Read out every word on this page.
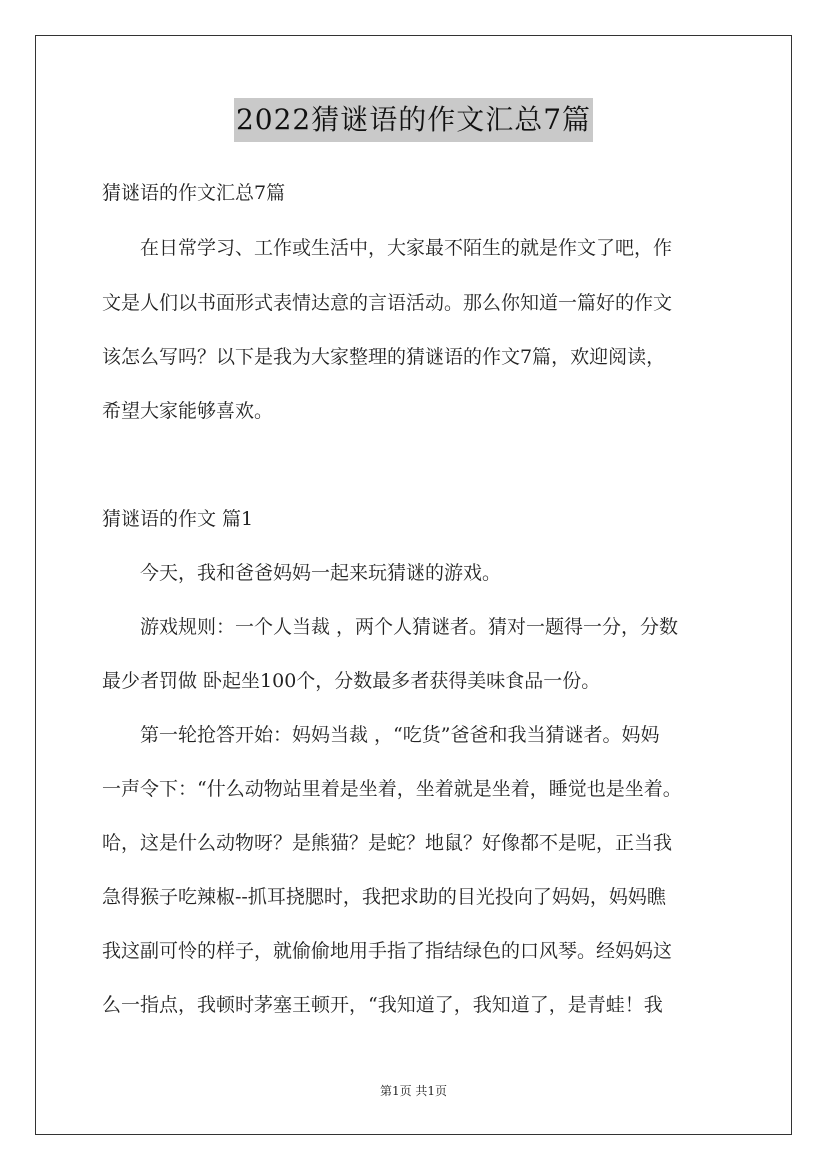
2022猜谜语的作文汇总7篇
猜谜语的作文汇总7篇
　　在日常学习、工作或生活中，大家最不陌生的就是作文了吧，作
文是人们以书面形式表情达意的言语活动。那么你知道一篇好的作文
该怎么写吗？以下是我为大家整理的猜谜语的作文7篇，欢迎阅读，
希望大家能够喜欢。
猜谜语的作文 篇1
　　今天，我和爸爸妈妈一起来玩猜谜的游戏。
　　游戏规则：一个人当裁 ，两个人猜谜者。猜对一题得一分，分数
最少者罚做 卧起坐100个，分数最多者获得美味食品一份。
　　第一轮抢答开始：妈妈当裁 ，“吃货”爸爸和我当猜谜者。妈妈
一声令下：“什么动物站里着是坐着，坐着就是坐着，睡觉也是坐着。
哈，这是什么动物呀？是熊猫？是蛇？地鼠？好像都不是呢，正当我
急得猴子吃辣椒--抓耳挠腮时，我把求助的目光投向了妈妈，妈妈瞧
我这副可怜的样子，就偷偷地用手指了指结绿色的口风琴。经妈妈这
么一指点，我顿时茅塞王顿开，“我知道了，我知道了，是青蛙！我
第1页 共1页
